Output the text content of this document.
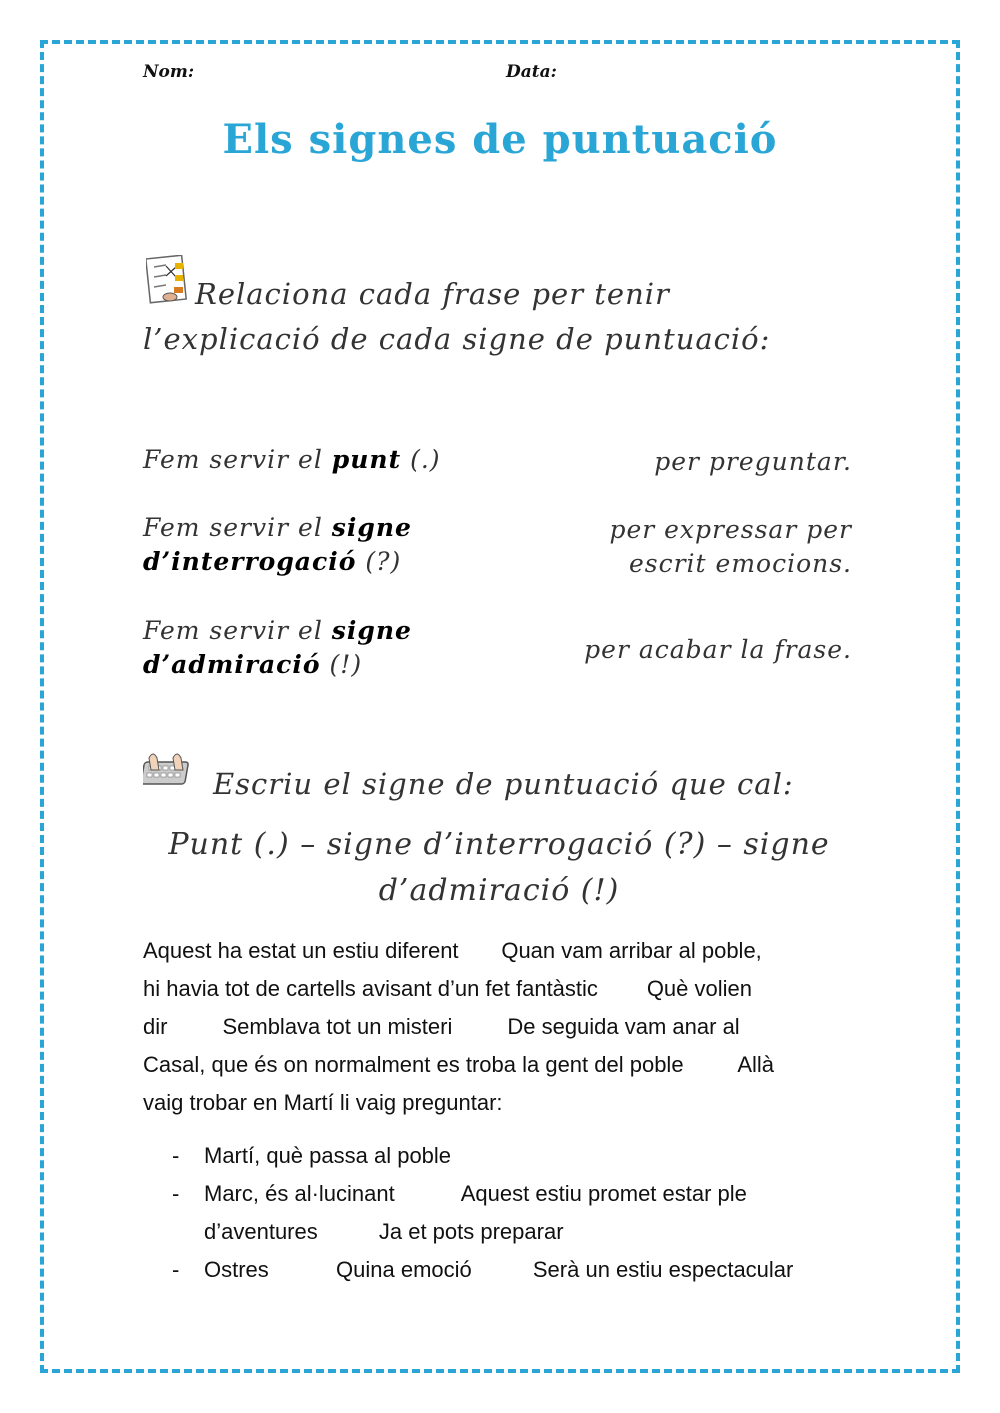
Nom:	Data:
Els signes de puntuació
Relaciona cada frase per tenir l’explicació de cada signe de puntuació:
Fem servir el punt (.)	per preguntar.
Fem servir el signe d’interrogació (?)
per expressar per escrit emocions.
Fem servir el signe d’admiració (!)
per acabar la frase.
Escriu el signe de puntuació que cal:
Punt (.) – signe d’interrogació (?) – signe d’admiració (!)
Aquest ha estat un estiu diferent       Quan vam arribar al poble,
hi havia tot de cartells avisant d’un fet fantàstic        Què volien
dir         Semblava tot un misteri         De seguida vam anar al
Casal, que és on normalment es troba la gent del poble         Allà
vaig trobar en Martí li vaig preguntar:
- Martí, què passa al poble
- Marc, és al·lucinant           Aquest estiu promet estar ple
d’aventures          Ja et pots preparar
- Ostres           Quina emoció          Serà un estiu espectacular
